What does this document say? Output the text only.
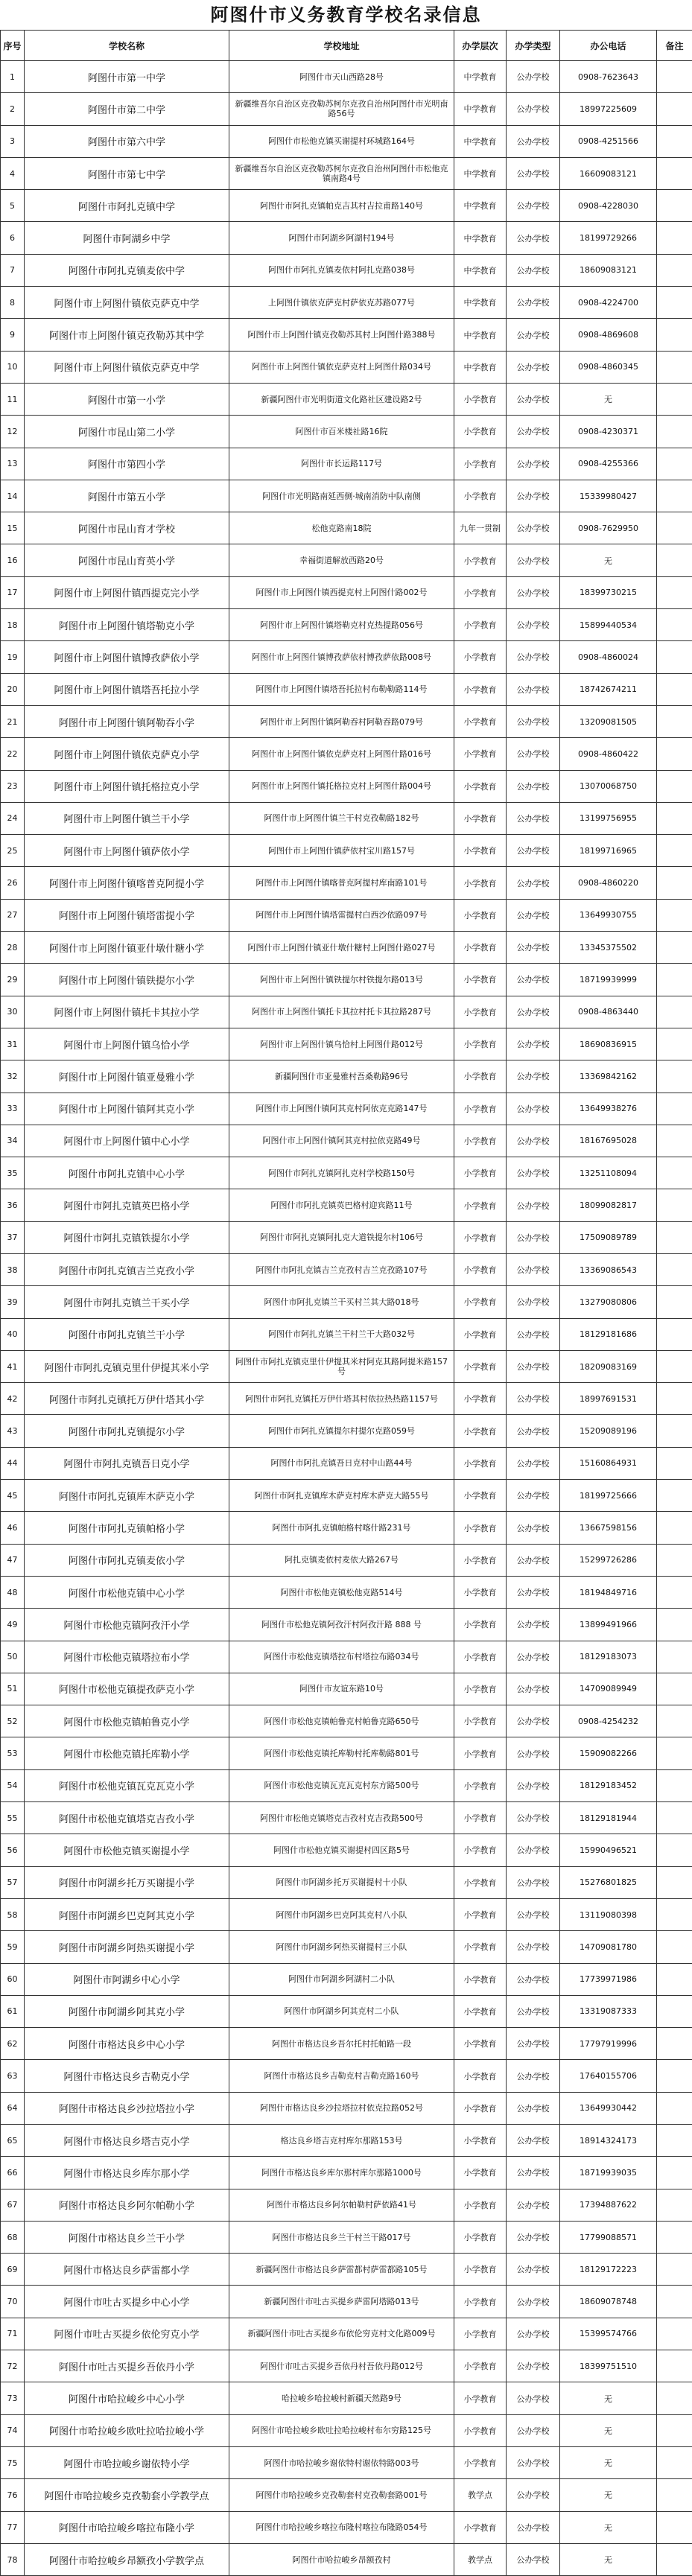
阿图什市义务教育学校名录信息
序号	学校名称	学校地址	办学层次	办学类型	办公电话	备注
1	阿图什市第一中学	阿图什市天山西路28号	中学教育	公办学校	0908-7623643	
2	阿图什市第二中学	新疆维吾尔自治区克孜勒苏柯尔克孜自治州阿图什市光明南路56号	中学教育	公办学校	18997225609	
3	阿图什市第六中学	阿图什市松他克镇买谢提村环城路164号	中学教育	公办学校	0908-4251566	
4	阿图什市第七中学	新疆维吾尔自治区克孜勒苏柯尔克孜自治州阿图什市松他克镇南路4号	中学教育	公办学校	16609083121	
5	阿图什市阿扎克镇中学	阿图什市阿扎克镇帕克吉其村吉拉甫路140号	中学教育	公办学校	0908-4228030	
6	阿图什市阿湖乡中学	阿图什市阿湖乡阿湖村194号	中学教育	公办学校	18199729266	
7	阿图什市阿扎克镇麦依中学	阿图什市阿扎克镇麦依村阿扎克路038号	中学教育	公办学校	18609083121	
8	阿图什市上阿图什镇依克萨克中学	上阿图什镇依克萨克村萨依克苏路077号	中学教育	公办学校	0908-4224700	
9	阿图什市上阿图什镇克孜勒苏其中学	阿图什市上阿图什镇克孜勒苏其村上阿图什路388号	中学教育	公办学校	0908-4869608	
10	阿图什市上阿图什镇依克萨克中学	阿图什市上阿图什镇依克萨克村上阿图什路034号	中学教育	公办学校	0908-4860345	
11	阿图什市第一小学	新疆阿图什市光明街道文化路社区建设路2号	小学教育	公办学校	无	
12	阿图什市昆山第二小学	阿图什市百米楼社路16院	小学教育	公办学校	0908-4230371	
13	阿图什市第四小学	阿图什市长运路117号	小学教育	公办学校	0908-4255366	
14	阿图什市第五小学	阿图什市光明路南延西侧·城南消防中队南侧	小学教育	公办学校	15339980427	
15	阿图什市昆山育才学校	松他克路南18院	九年一贯制	公办学校	0908-7629950	
16	阿图什市昆山育英小学	幸福街道解放西路20号	小学教育	公办学校	无	
17	阿图什市上阿图什镇西提克完小学	阿图什市上阿图什镇西提克村上阿图什路002号	小学教育	公办学校	18399730215	
18	阿图什市上阿图什镇塔勒克小学	阿图什市上阿图什镇塔勒克村克热提路056号	小学教育	公办学校	15899440534	
19	阿图什市上阿图什镇博孜萨依小学	阿图什市上阿图什镇博孜萨依村博孜萨依路008号	小学教育	公办学校	0908-4860024	
20	阿图什市上阿图什镇塔吾托拉小学	阿图什市上阿图什镇塔吾托拉村布勒勒路114号	小学教育	公办学校	18742674211	
21	阿图什市上阿图什镇阿勒吞小学	阿图什市上阿图什镇阿勒吞村阿勒吞路079号	小学教育	公办学校	13209081505	
22	阿图什市上阿图什镇依克萨克小学	阿图什市上阿图什镇依克萨克村上阿图什路016号	小学教育	公办学校	0908-4860422	
23	阿图什市上阿图什镇托格拉克小学	阿图什市上阿图什镇托格拉克村上阿图什路004号	小学教育	公办学校	13070068750	
24	阿图什市上阿图什镇兰干小学	阿图什市上阿图什镇兰干村克孜勒路182号	小学教育	公办学校	13199756955	
25	阿图什市上阿图什镇萨依小学	阿图什市上阿图什镇萨依村宝川路157号	小学教育	公办学校	18199716965	
26	阿图什市上阿图什镇喀普克阿提小学	阿图什市上阿图什镇喀普克阿提村库南路101号	小学教育	公办学校	0908-4860220	
27	阿图什市上阿图什镇塔雷提小学	阿图什市上阿图什镇塔雷提村白西沙依路097号	小学教育	公办学校	13649930755	
28	阿图什市上阿图什镇亚什墩什糖小学	阿图什市上阿图什镇亚什墩什糖村上阿图什路027号	小学教育	公办学校	13345375502	
29	阿图什市上阿图什镇铁提尔小学	阿图什市上阿图什镇铁提尔村铁提尔路013号	小学教育	公办学校	18719939999	
30	阿图什市上阿图什镇托卡其拉小学	阿图什市上阿图什镇托卡其拉村托卡其拉路287号	小学教育	公办学校	0908-4863440	
31	阿图什市上阿图什镇乌恰小学	阿图什市上阿图什镇乌恰村上阿图什路012号	小学教育	公办学校	18690836915	
32	阿图什市上阿图什镇亚曼雅小学	新疆阿图什市亚曼雅村吾桑勒路96号	小学教育	公办学校	13369842162	
33	阿图什市上阿图什镇阿其克小学	阿图什市上阿图什镇阿其克村阿依克克路147号	小学教育	公办学校	13649938276	
34	阿图什市上阿图什镇中心小学	阿图什市上阿图什镇阿其克村拉依克路49号	小学教育	公办学校	18167695028	
35	阿图什市阿扎克镇中心小学	阿图什市阿扎克镇阿扎克村学校路150号	小学教育	公办学校	13251108094	
36	阿图什市阿扎克镇英巴格小学	阿图什市阿扎克镇英巴格村迎宾路11号	小学教育	公办学校	18099082817	
37	阿图什市阿扎克镇铁提尔小学	阿图什市阿扎克镇阿扎克大道铁提尔村106号	小学教育	公办学校	17509089789	
38	阿图什市阿扎克镇吉兰克孜小学	阿图什市阿扎克镇吉兰克孜村吉兰克孜路107号	小学教育	公办学校	13369086543	
39	阿图什市阿扎克镇兰干买小学	阿图什市阿扎克镇兰干买村兰其大路018号	小学教育	公办学校	13279080806	
40	阿图什市阿扎克镇兰干小学	阿图什市阿扎克镇兰干村兰干大路032号	小学教育	公办学校	18129181686	
41	阿图什市阿扎克镇克里什伊提其米小学	阿图什市阿扎克镇克里什伊提其米村阿克其路阿提米路157号	小学教育	公办学校	18209083169	
42	阿图什市阿扎克镇托万伊什塔其小学	阿图什市阿扎克镇托万伊什塔其村依拉热热路1157号	小学教育	公办学校	18997691531	
43	阿图什市阿扎克镇提尔小学	阿图什市阿扎克镇提尔村提尔克路059号	小学教育	公办学校	15209089196	
44	阿图什市阿扎克镇吾日克小学	阿图什市阿扎克镇吾日克村中山路44号	小学教育	公办学校	15160864931	
45	阿图什市阿扎克镇库木萨克小学	阿图什市阿扎克镇库木萨克村库木萨克大路55号	小学教育	公办学校	18199725666	
46	阿图什市阿扎克镇帕格小学	阿图什市阿扎克镇帕格村喀什路231号	小学教育	公办学校	13667598156	
47	阿图什市阿扎克镇麦依小学	阿扎克镇麦依村麦依大路267号	小学教育	公办学校	15299726286	
48	阿图什市松他克镇中心小学	阿图什市松他克镇松他克路514号	小学教育	公办学校	18194849716	
49	阿图什市松他克镇阿孜汗小学	阿图什市松他克镇阿孜汗村阿孜汗路 888 号	小学教育	公办学校	13899491966	
50	阿图什市松他克镇塔拉布小学	阿图什市松他克镇塔拉布村塔拉布路034号	小学教育	公办学校	18129183073	
51	阿图什市松他克镇提孜萨克小学	阿图什市友谊东路10号	小学教育	公办学校	14709089949	
52	阿图什市松他克镇帕鲁克小学	阿图什市松他克镇帕鲁克村帕鲁克路650号	小学教育	公办学校	0908-4254232	
53	阿图什市松他克镇托库勒小学	阿图什市松他克镇托库勒村托库勒路801号	小学教育	公办学校	15909082266	
54	阿图什市松他克镇瓦克瓦克小学	阿图什市松他克镇瓦克瓦克村东方路500号	小学教育	公办学校	18129183452	
55	阿图什市松他克镇塔克吉孜小学	阿图什市松他克镇塔克吉孜村克吉孜路500号	小学教育	公办学校	18129181944	
56	阿图什市松他克镇买谢提小学	阿图什市松他克镇买谢提村四区路5号	小学教育	公办学校	15990496521	
57	阿图什市阿湖乡托万买谢提小学	阿图什市阿湖乡托万买谢提村十小队	小学教育	公办学校	15276801825	
58	阿图什市阿湖乡巴克阿其克小学	阿图什市阿湖乡巴克阿其克村八小队	小学教育	公办学校	13119080398	
59	阿图什市阿湖乡阿热买谢提小学	阿图什市阿湖乡阿热买谢提村三小队	小学教育	公办学校	14709081780	
60	阿图什市阿湖乡中心小学	阿图什市阿湖乡阿湖村二小队	小学教育	公办学校	17739971986	
61	阿图什市阿湖乡阿其克小学	阿图什市阿湖乡阿其克村二小队	小学教育	公办学校	13319087333	
62	阿图什市格达良乡中心小学	阿图什市格达良乡吾尔托村托帕路一段	小学教育	公办学校	17797919996	
63	阿图什市格达良乡吉勒克小学	阿图什市格达良乡吉勒克村吉勒克路160号	小学教育	公办学校	17640155706	
64	阿图什市格达良乡沙拉塔拉小学	阿图什市格达良乡沙拉塔拉村依克拉路052号	小学教育	公办学校	13649930442	
65	阿图什市格达良乡塔吉克小学	格达良乡塔吉克村库尔那路153号	小学教育	公办学校	18914324173	
66	阿图什市格达良乡库尔那小学	阿图什市格达良乡库尔那村库尔那路1000号	小学教育	公办学校	18719939035	
67	阿图什市格达良乡阿尔帕勒小学	阿图什市格达良乡阿尔帕勒村萨依路41号	小学教育	公办学校	17394887622	
68	阿图什市格达良乡兰干小学	阿图什市格达良乡兰干村兰干路017号	小学教育	公办学校	17799088571	
69	阿图什市格达良乡萨雷都小学	新疆阿图什市格达良乡萨雷都村萨雷都路105号	小学教育	公办学校	18129172223	
70	阿图什市吐古买提乡中心小学	新疆阿图什市吐古买提乡萨雷阿塔路013号	小学教育	公办学校	18609078748	
71	阿图什市吐古买提乡依伦穷克小学	新疆阿图什市吐古买提乡布依伦穷克村文化路009号	小学教育	公办学校	15399574766	
72	阿图什市吐古买提乡吾依丹小学	阿图什市吐古买提乡吾依丹村吾依丹路012号	小学教育	公办学校	18399751510	
73	阿图什市哈拉峻乡中心小学	哈拉峻乡哈拉峻村新疆天然路9号	小学教育	公办学校	无	
74	阿图什市哈拉峻乡欧吐拉哈拉峻小学	阿图什市哈拉峻乡欧吐拉哈拉峻村布尔穷路125号	小学教育	公办学校	无	
75	阿图什市哈拉峻乡谢依特小学	阿图什市哈拉峻乡谢依特村谢依特路003号	小学教育	公办学校	无	
76	阿图什市哈拉峻乡克孜勒套小学教学点	阿图什市哈拉峻乡克孜勒套村克孜勒套路001号	教学点	公办学校	无	
77	阿图什市哈拉峻乡喀拉布隆小学	阿图什市哈拉峻乡喀拉布隆村喀拉布隆路054号	小学教育	公办学校	无	
78	阿图什市哈拉峻乡昂额孜小学教学点	阿图什市哈拉峻乡昂额孜村	教学点	公办学校	无	
